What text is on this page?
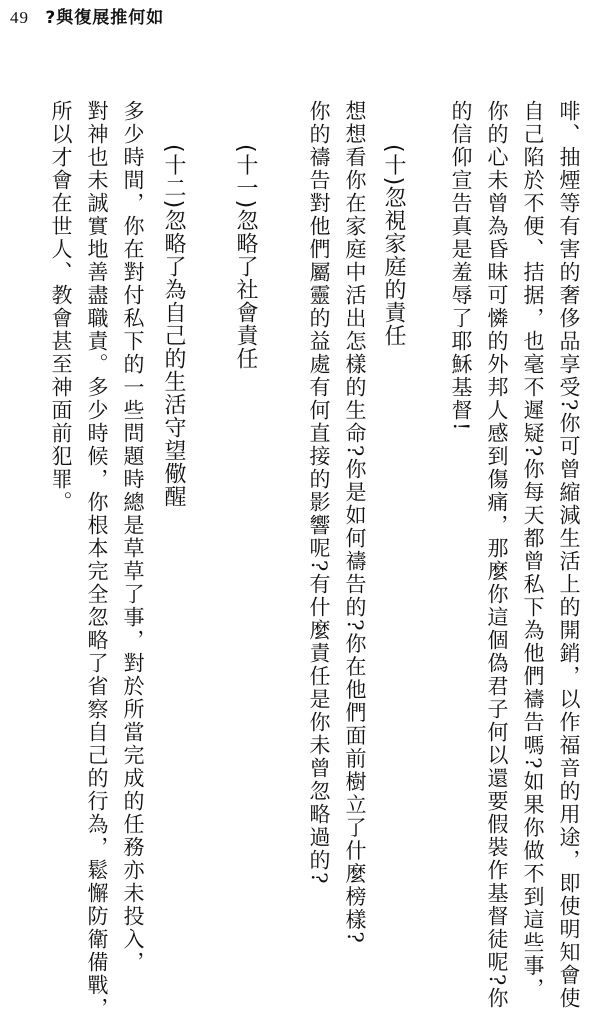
49 ?與復展推何如
啡、抽煙等有害的奢侈品享受?你可曾縮減生活上的開銷，以作福音的用途，即使明知會使
自己陷於不便、拮据，也毫不遲疑?你每天都曾私下為他們禱告嗎?如果你做不到這些事，
你的心未曾為昏昧可憐的外邦人感到傷痛，那麼你這個偽君子何以還要假裝作基督徒呢?你
的信仰宣告真是羞辱了耶穌基督!
(十)忽視家庭的責任
想想看你在家庭中活出怎樣的生命?你是如何禱告的?你在他們面前樹立了什麼榜樣?
你的禱告對他們屬靈的益處有何直接的影響呢?有什麼責任是你未曾忽略過的?
(十一)忽略了社會責任
(十二)忽略了為自己的生活守望儆醒
多少時間，你在對付私下的一些問題時總是草草了事，對於所當完成的任務亦未投入，
對神也未誠實地善盡職責。多少時候，你根本完全忽略了省察自己的行為，鬆懈防衛備戰，
所以才會在世人、教會甚至神面前犯罪。
